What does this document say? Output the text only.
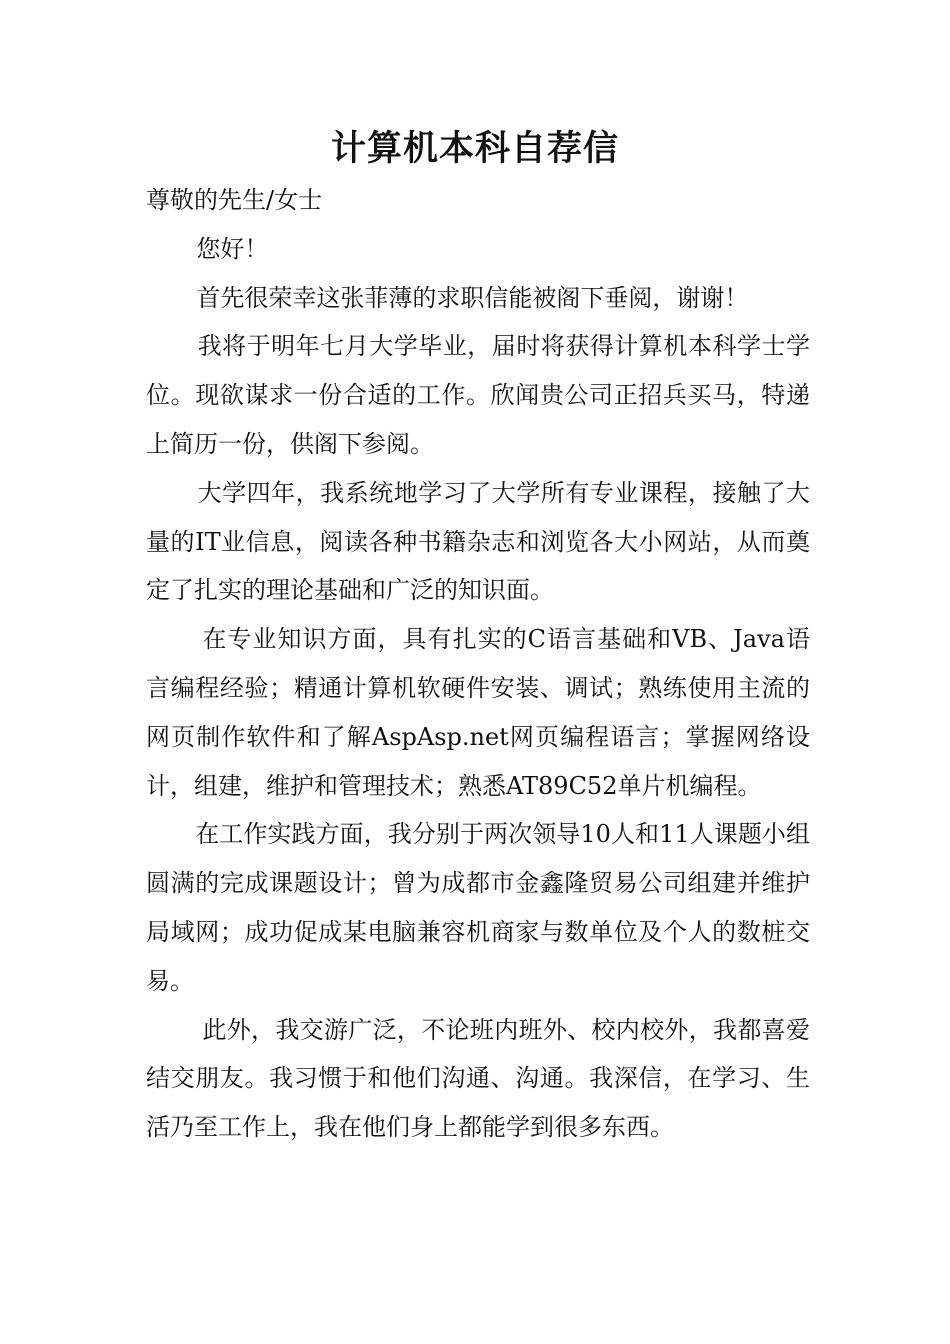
计算机本科自荐信

尊敬的先生/女士

您好！

首先很荣幸这张菲薄的求职信能被阁下垂阅，谢谢！

我将于明年七月大学毕业，届时将获得计算机本科学士学位。现欲谋求一份合适的工作。欣闻贵公司正招兵买马，特递上简历一份，供阁下参阅。

大学四年，我系统地学习了大学所有专业课程，接触了大量的IT业信息，阅读各种书籍杂志和浏览各大小网站，从而奠定了扎实的理论基础和广泛的知识面。

在专业知识方面，具有扎实的C语言基础和VB、Java语言编程经验；精通计算机软硬件安装、调试；熟练使用主流的网页制作软件和了解AspAsp.net网页编程语言；掌握网络设计，组建，维护和管理技术；熟悉AT89C52单片机编程。

在工作实践方面，我分别于两次领导10人和11人课题小组圆满的完成课题设计；曾为成都市金鑫隆贸易公司组建并维护局域网；成功促成某电脑兼容机商家与数单位及个人的数桩交易。

此外，我交游广泛，不论班内班外、校内校外，我都喜爱结交朋友。我习惯于和他们沟通、沟通。我深信，在学习、生活乃至工作上，我在他们身上都能学到很多东西。
